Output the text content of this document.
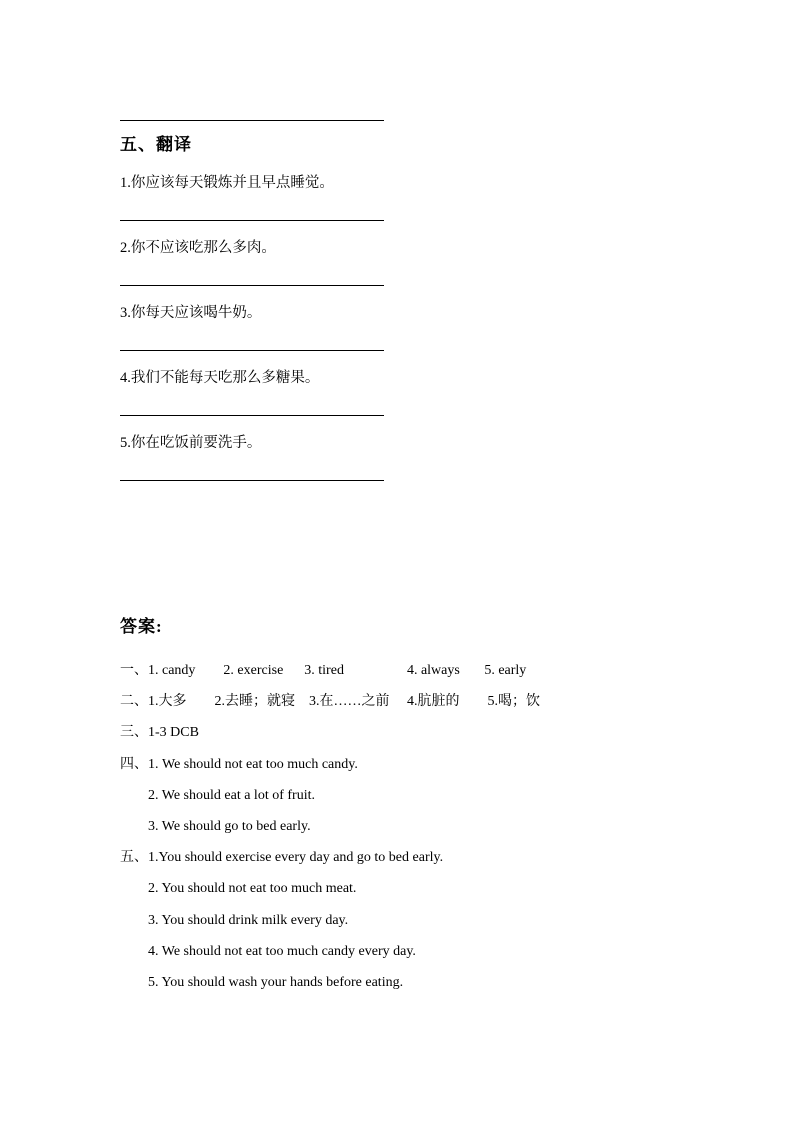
五、翻译
1.你应该每天锻炼并且早点睡觉。
2.你不应该吃那么多肉。
3.你每天应该喝牛奶。
4.我们不能每天吃那么多糖果。
5.你在吃饭前要洗手。
答案:
一、1. candy        2. exercise      3. tired                  4. always       5. early
二、1.大多        2.去睡；就寝    3.在……之前     4.肮脏的        5.喝；饮
三、1-3 DCB
四、1. We should not eat too much candy.
2. We should eat a lot of fruit.
3. We should go to bed early.
五、1.You should exercise every day and go to bed early.
2. You should not eat too much meat.
3. You should drink milk every day.
4. We should not eat too much candy every day.
5. You should wash your hands before eating.
